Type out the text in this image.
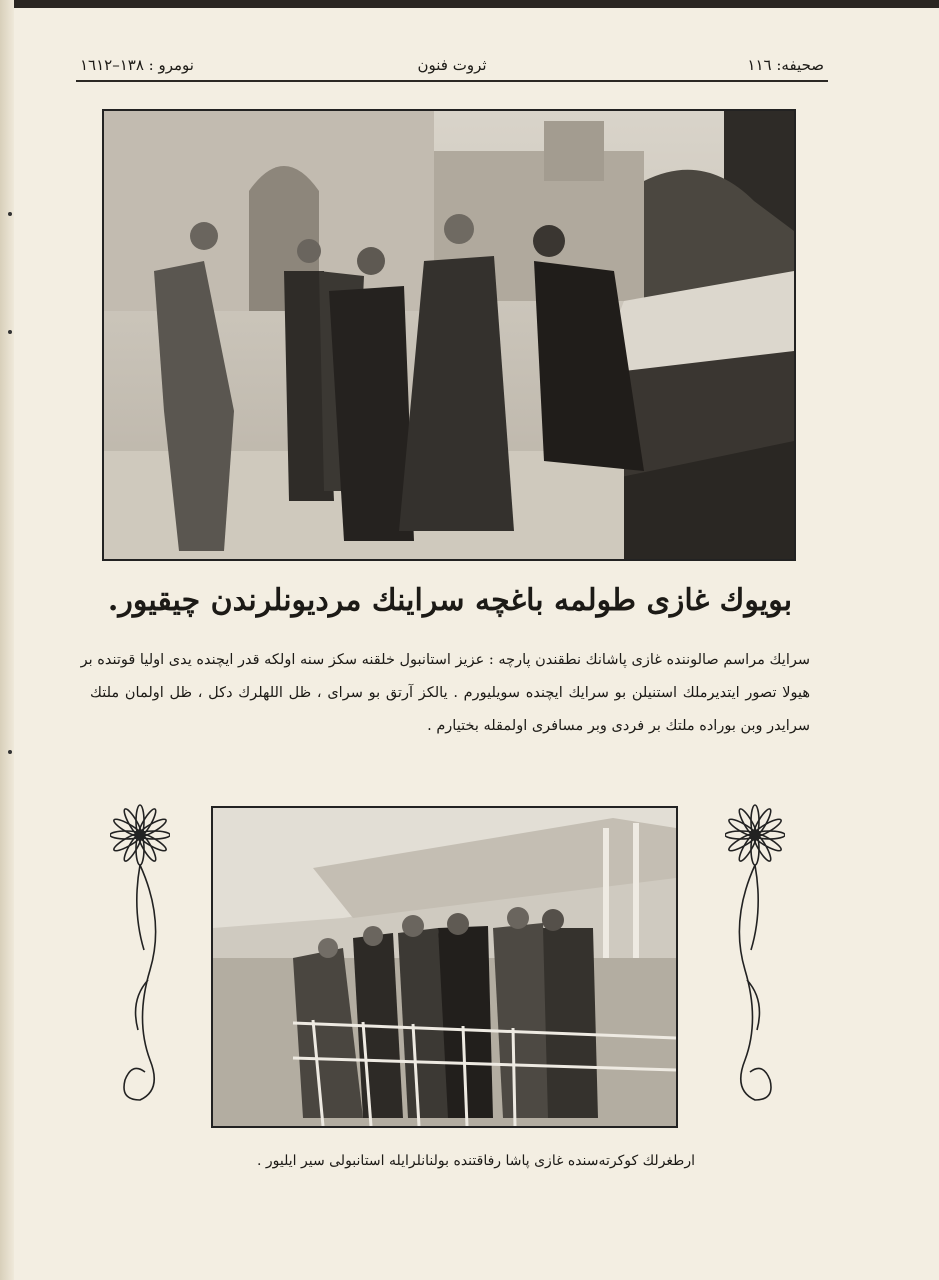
صحيفه: ۱۱٦
ثروت فنون
نومرو : ۱۳۸–۱٦۱۲
بويوك غازى طولمه باغچه سراينك مرديونلرندن چيقيور.

سرايك مراسم صالوننده غازى پاشانك نطقندن پارچه : عزيز استانبول خلقنه سكز سنه اولكه قدر ايچنده يدى اوليا قوتنده بر

هيولا تصور ايتديرملك استنيلن بو سرايك ايچنده سويليورم . يالكز آرتق بو سراى ، ظل اللهلرك دكل ، ظل اولمان ملتك

سرايدر وبن بوراده ملتك بر فردى وبر مسافرى اولمقله بختيارم .

ارطغرلك كوكرته‌سنده غازى پاشا رفاقتنده بولنانلرايله استانبولى سير ايليور .
